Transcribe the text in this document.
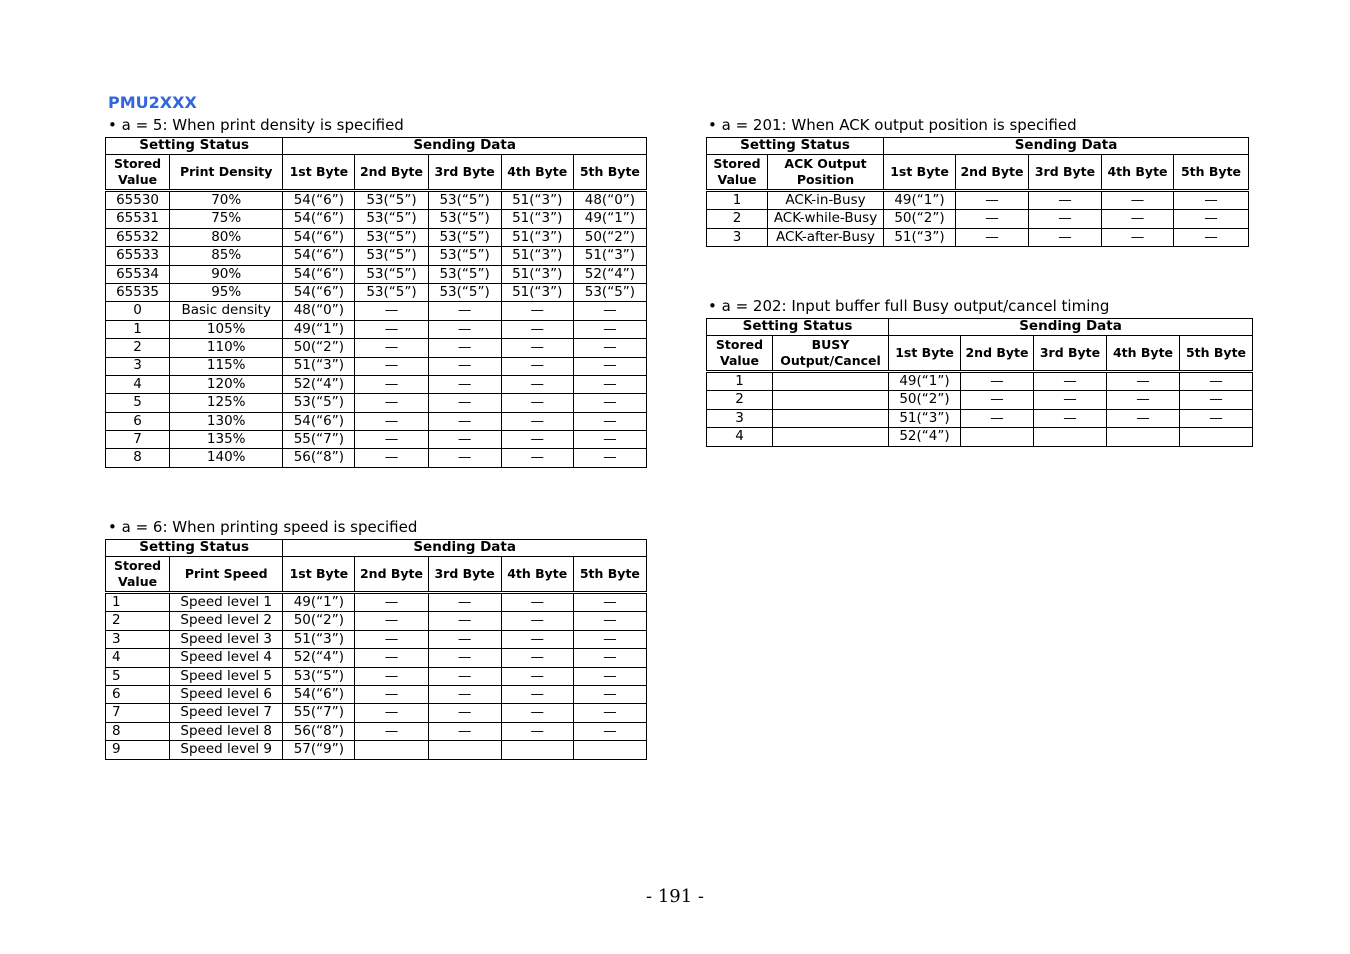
PMU2XXX
• a = 5: When print density is specified
Setting Status		Sending Data				
Stored Value	Print Density	1st Byte	2nd Byte	3rd Byte	4th Byte	5th Byte
65530	70%	54(“6”)	53(“5”)	53(“5”)	51(“3”)	48(“0”)
65531	75%	54(“6”)	53(“5”)	53(“5”)	51(“3”)	49(“1”)
65532	80%	54(“6”)	53(“5”)	53(“5”)	51(“3”)	50(“2”)
65533	85%	54(“6”)	53(“5”)	53(“5”)	51(“3”)	51(“3”)
65534	90%	54(“6”)	53(“5”)	53(“5”)	51(“3”)	52(“4”)
65535	95%	54(“6”)	53(“5”)	53(“5”)	51(“3”)	53(“5”)
0	Basic density	48(“0”)	—	—	—	—
1	105%	49(“1”)	—	—	—	—
2	110%	50(“2”)	—	—	—	—
3	115%	51(“3”)	—	—	—	—
4	120%	52(“4”)	—	—	—	—
5	125%	53(“5”)	—	—	—	—
6	130%	54(“6”)	—	—	—	—
7	135%	55(“7”)	—	—	—	—
8	140%	56(“8”)	—	—	—	—
• a = 6: When printing speed is specified
Setting Status		Sending Data				
Stored Value	Print Speed	1st Byte	2nd Byte	3rd Byte	4th Byte	5th Byte
1	Speed level 1	49(“1”)	—	—	—	—
2	Speed level 2	50(“2”)	—	—	—	—
3	Speed level 3	51(“3”)	—	—	—	—
4	Speed level 4	52(“4”)	—	—	—	—
5	Speed level 5	53(“5”)	—	—	—	—
6	Speed level 6	54(“6”)	—	—	—	—
7	Speed level 7	55(“7”)	—	—	—	—
8	Speed level 8	56(“8”)	—	—	—	—
9	Speed level 9	57(“9”)				
• a = 201: When ACK output position is specified
Setting Status		Sending Data				
Stored Value	ACK Output Position	1st Byte	2nd Byte	3rd Byte	4th Byte	5th Byte
1	ACK-in-Busy	49(“1”)	—	—	—	—
2	ACK-while-Busy	50(“2”)	—	—	—	—
3	ACK-after-Busy	51(“3”)	—	—	—	—
• a = 202: Input buffer full Busy output/cancel timing
Setting Status		Sending Data				
Stored Value	BUSY Output/Cancel	1st Byte	2nd Byte	3rd Byte	4th Byte	5th Byte
1		49(“1”)	—	—	—	—
2		50(“2”)	—	—	—	—
3		51(“3”)	—	—	—	—
4		52(“4”)				
- 191 -
